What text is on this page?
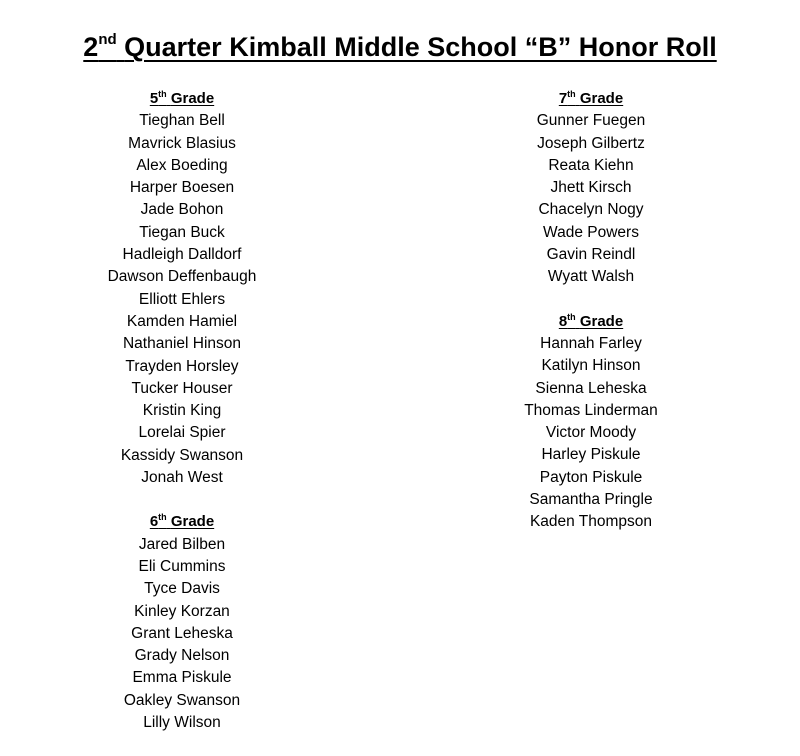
2nd Quarter Kimball Middle School “B” Honor Roll
5th Grade
Tieghan Bell
Mavrick Blasius
Alex Boeding
Harper Boesen
Jade Bohon
Tiegan Buck
Hadleigh Dalldorf
Dawson Deffenbaugh
Elliott Ehlers
Kamden Hamiel
Nathaniel Hinson
Trayden Horsley
Tucker Houser
Kristin King
Lorelai Spier
Kassidy Swanson
Jonah West
6th Grade
Jared Bilben
Eli Cummins
Tyce Davis
Kinley Korzan
Grant Leheska
Grady Nelson
Emma Piskule
Oakley Swanson
Lilly Wilson
7th Grade
Gunner Fuegen
Joseph Gilbertz
Reata Kiehn
Jhett Kirsch
Chacelyn Nogy
Wade Powers
Gavin Reindl
Wyatt Walsh
8th Grade
Hannah Farley
Katilyn Hinson
Sienna Leheska
Thomas Linderman
Victor Moody
Harley Piskule
Payton Piskule
Samantha Pringle
Kaden Thompson
